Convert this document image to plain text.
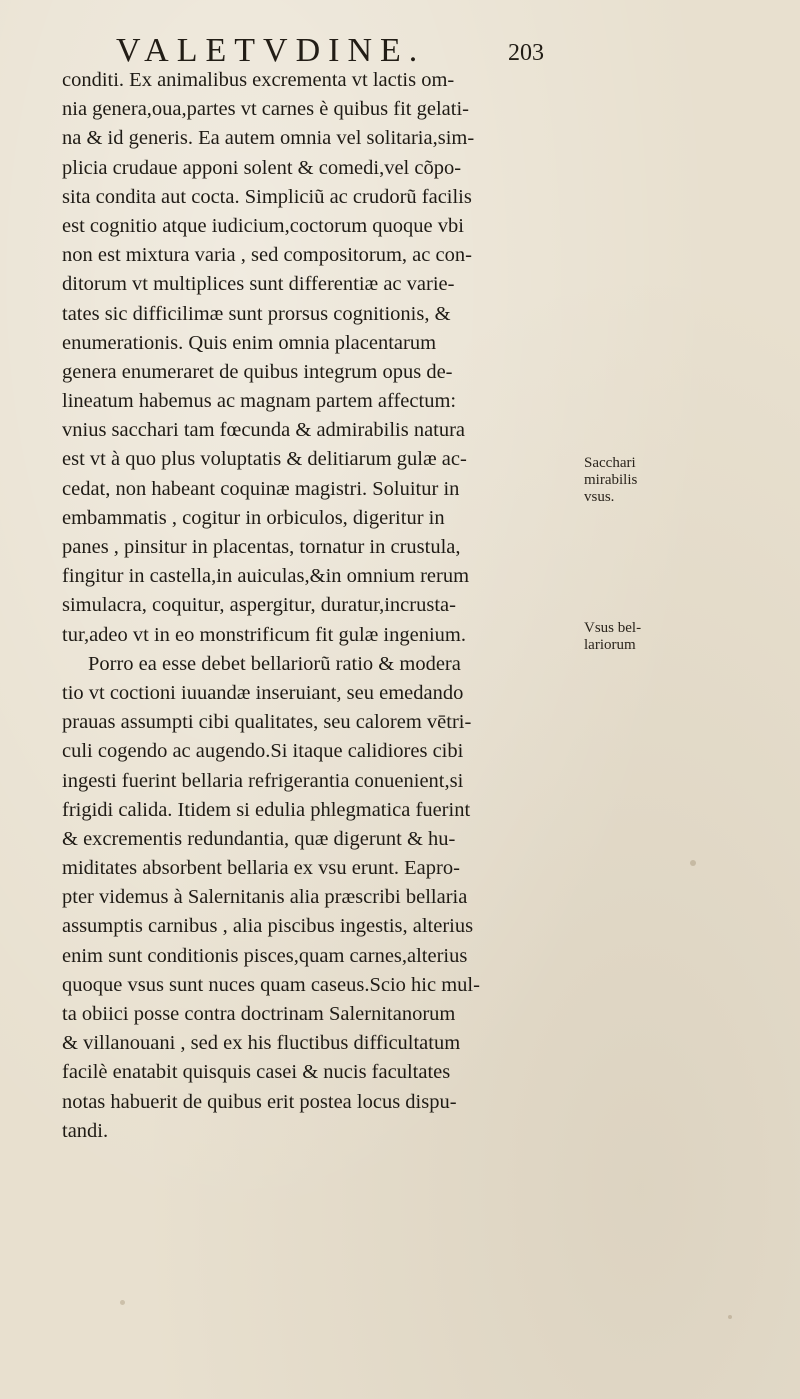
VALETVDINE.	203
conditi. Ex animalibus excrementa vt lactis om-
nia genera,oua,partes vt carnes è quibus fit gelati-
na & id generis. Ea autem omnia vel solitaria,sim-
plicia crudaue apponi solent & comedi,vel cõpo-
sita condita aut cocta. Simpliciũ ac crudorũ facilis
est cognitio atque iudicium,coctorum quoque vbi
non est mixtura varia , sed compositorum, ac con-
ditorum vt multiplices sunt differentiæ ac varie-
tates sic difficilimæ sunt prorsus cognitionis, &
enumerationis. Quis enim omnia placentarum
genera enumeraret de quibus integrum opus de-
lineatum habemus ac magnam partem affectum:
vnius sacchari tam fœcunda & admirabilis natura
est vt à quo plus voluptatis & delitiarum gulæ ac-
cedat, non habeant coquinæ magistri. Soluitur in
embammatis , cogitur in orbiculos, digeritur in
panes , pinsitur in placentas, tornatur in crustula,
fingitur in castella,in auiculas,&in omnium rerum
simulacra, coquitur, aspergitur, duratur,incrusta-
tur,adeo vt in eo monstrificum fit gulæ ingenium.
Porro ea esse debet bellariorũ ratio & modera
tio vt coctioni iuuandæ inseruiant, seu emedando
prauas assumpti cibi qualitates, seu calorem vētri-
culi cogendo ac augendo.Si itaque calidiores cibi
ingesti fuerint bellaria refrigerantia conuenient,si
frigidi calida. Itidem si edulia phlegmatica fuerint
& excrementis redundantia, quæ digerunt & hu-
miditates absorbent bellaria ex vsu erunt. Eapro-
pter videmus à Salernitanis alia præscribi bellaria
assumptis carnibus , alia piscibus ingestis, alterius
enim sunt conditionis pisces,quam carnes,alterius
quoque vsus sunt nuces quam caseus.Scio hic mul-
ta obiici posse contra doctrinam Salernitanorum
& villanouani , sed ex his fluctibus difficultatum
facilè enatabit quisquis casei & nucis facultates
notas habuerit de quibus erit postea locus dispu-
tandi.
Sacchari
mirabilis
vsus.
Vsus bel-
lariorum
